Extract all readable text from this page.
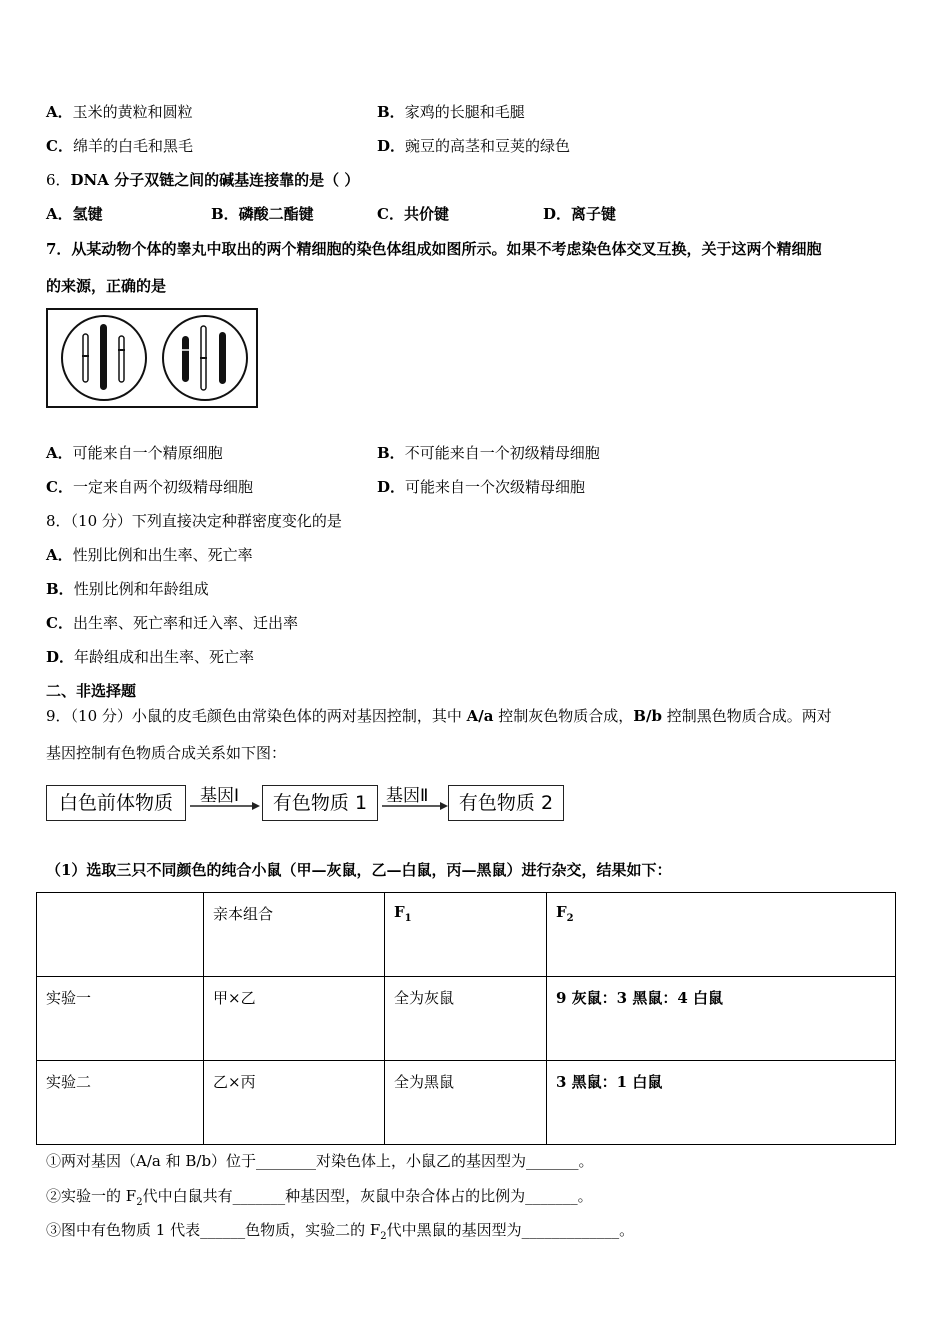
A．玉米的黄粒和圆粒	B．家鸡的长腿和毛腿
C．绵羊的白毛和黑毛	D．豌豆的高茎和豆荚的绿色
6．DNA 分子双链之间的碱基连接靠的是（ ）
A．氢键	B．磷酸二酯键	C．共价键	D．离子键
7．从某动物个体的睾丸中取出的两个精细胞的染色体组成如图所示。如果不考虑染色体交叉互换，关于这两个精细胞
的来源，正确的是
A．可能来自一个精原细胞	B．不可能来自一个初级精母细胞
C．一定来自两个初级精母细胞	D．可能来自一个次级精母细胞
8．（10 分）下列直接决定种群密度变化的是
A．性别比例和出生率、死亡率
B．性别比例和年龄组成
C．出生率、死亡率和迁入率、迁出率
D．年龄组成和出生率、死亡率
二、非选择题
9．（10 分）小鼠的皮毛颜色由常染色体的两对基因控制，其中 A/a 控制灰色物质合成，B/b 控制黑色物质合成。两对
基因控制有色物质合成关系如下图：
白色前体物质	基因Ⅰ	有色物质 1	基因Ⅱ	有色物质 2
（1）选取三只不同颜色的纯合小鼠（甲—灰鼠，乙—白鼠，丙—黑鼠）进行杂交，结果如下：
	亲本组合	$F_1$	$F_2$
实验一	甲×乙	全为灰鼠	9 灰鼠：3 黑鼠：4 白鼠
实验二	乙×丙	全为黑鼠	3 黑鼠：1 白鼠
①两对基因（A/a 和 B/b）位于________对染色体上，小鼠乙的基因型为_______。
②实验一的 $F_2$代中白鼠共有_______种基因型，灰鼠中杂合体占的比例为_______。
③图中有色物质 1 代表______色物质，实验二的 $F_2$代中黑鼠的基因型为_____________。
